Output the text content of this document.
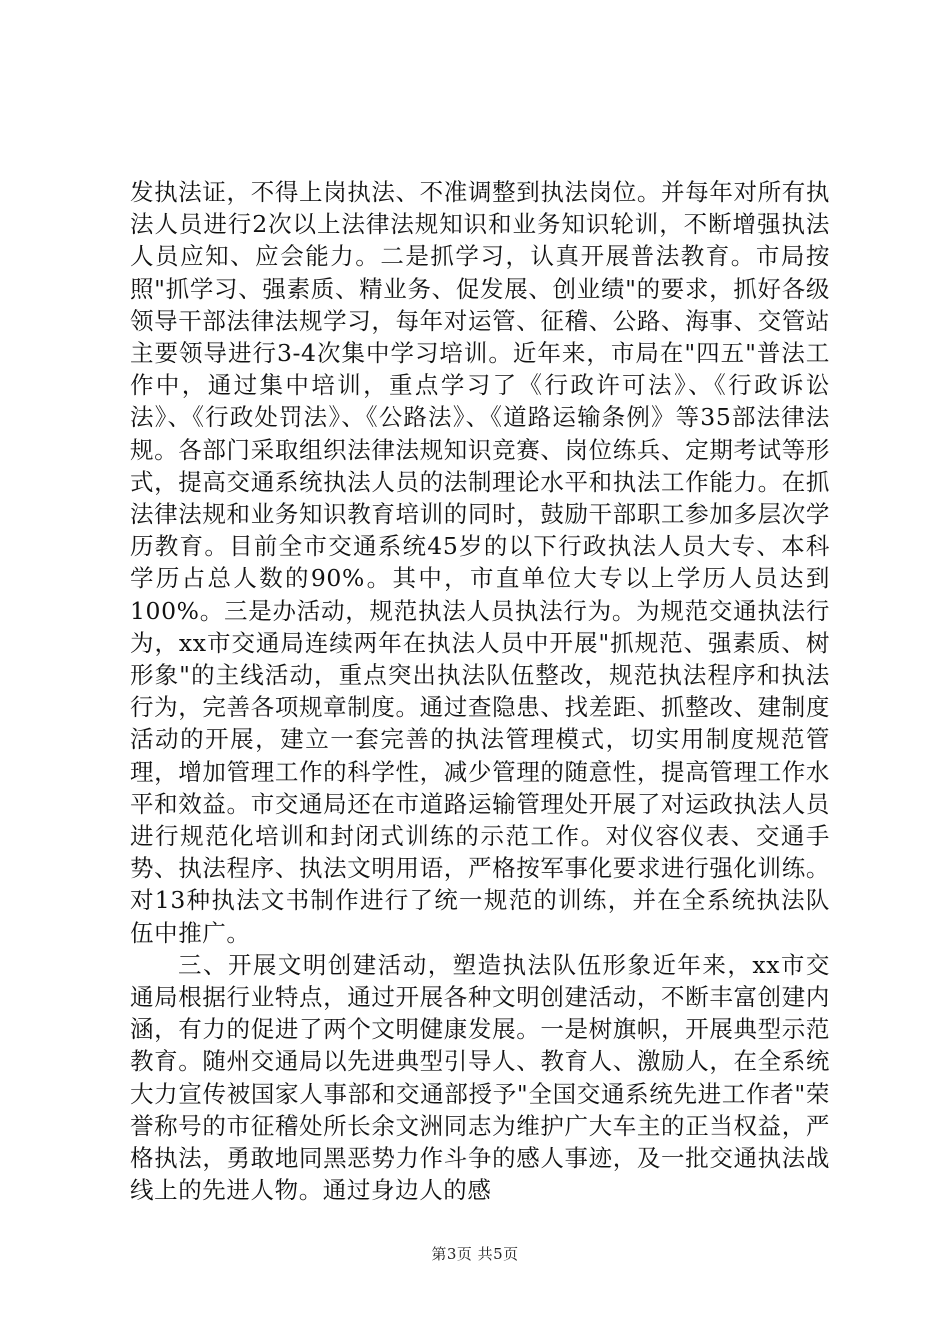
发执法证，不得上岗执法、不准调整到执法岗位。并每年对所有执法人员进行2次以上法律法规知识和业务知识轮训，不断增强执法人员应知、应会能力。二是抓学习，认真开展普法教育。市局按照"抓学习、强素质、精业务、促发展、创业绩"的要求，抓好各级领导干部法律法规学习，每年对运管、征稽、公路、海事、交管站主要领导进行3-4次集中学习培训。近年来，市局在"四五"普法工作中，通过集中培训，重点学习了《行政许可法》、《行政诉讼法》、《行政处罚法》、《公路法》、《道路运输条例》等35部法律法规。各部门采取组织法律法规知识竞赛、岗位练兵、定期考试等形式，提高交通系统执法人员的法制理论水平和执法工作能力。在抓法律法规和业务知识教育培训的同时，鼓励干部职工参加多层次学历教育。目前全市交通系统45岁的以下行政执法人员大专、本科学历占总人数的90%。其中，市直单位大专以上学历人员达到100%。三是办活动，规范执法人员执法行为。为规范交通执法行为，xx市交通局连续两年在执法人员中开展"抓规范、强素质、树形象"的主线活动，重点突出执法队伍整改，规范执法程序和执法行为，完善各项规章制度。通过查隐患、找差距、抓整改、建制度活动的开展，建立一套完善的执法管理模式，切实用制度规范管理，增加管理工作的科学性，减少管理的随意性，提高管理工作水平和效益。市交通局还在市道路运输管理处开展了对运政执法人员进行规范化培训和封闭式训练的示范工作。对仪容仪表、交通手势、执法程序、执法文明用语，严格按军事化要求进行强化训练。对13种执法文书制作进行了统一规范的训练，并在全系统执法队伍中推广。

三、开展文明创建活动，塑造执法队伍形象近年来，xx市交通局根据行业特点，通过开展各种文明创建活动，不断丰富创建内涵，有力的促进了两个文明健康发展。一是树旗帜，开展典型示范教育。随州交通局以先进典型引导人、教育人、激励人，在全系统大力宣传被国家人事部和交通部授予"全国交通系统先进工作者"荣誉称号的市征稽处所长余文洲同志为维护广大车主的正当权益，严格执法，勇敢地同黑恶势力作斗争的感人事迹，及一批交通执法战线上的先进人物。通过身边人的感

第3页 共5页
